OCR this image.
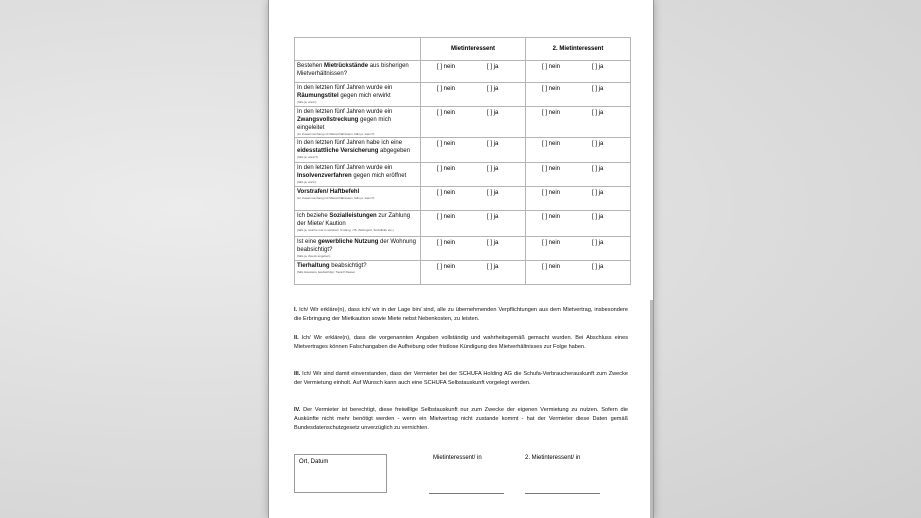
	Mietinteressent	2. Mietinteressent
Bestehen Mietrückstände aus bisherigen Mietverhältnissen?	[ ] nein [ ] ja	[ ] nein [ ] ja
In den letzten fünf Jahren wurde ein Räumungstitel gegen mich erwirkt
(falls ja, wann)	[ ] nein [ ] ja	[ ] nein [ ] ja
In den letzten fünf Jahren wurde ein Zwangsvollstreckung gegen mich eingeleitet
(im Zusammenhang mit Mietverhältnissen, falls ja, wann?)	[ ] nein [ ] ja	[ ] nein [ ] ja
In den letzten fünf Jahren habe ich eine eidesstattliche Versicherung abgegeben
(falls ja, wann?)	[ ] nein [ ] ja	[ ] nein [ ] ja
In den letzten fünf Jahren wurde ein Insolvenzverfahren gegen mich eröffnet
(falls ja, wann)	[ ] nein [ ] ja	[ ] nein [ ] ja
Vorstrafen/ Haftbefehl
(im Zusammenhang mit Mietverhältnissen, falls ja, wann?)	[ ] nein [ ] ja	[ ] nein [ ] ja
Ich beziehe Sozialleistungen zur Zahlung der Miete/ Kaution
(falls ja, welche und in welchem Umfang, z.B. Wohngeld, Sozialhilfe etc.)	[ ] nein [ ] ja	[ ] nein [ ] ja
Ist eine gewerbliche Nutzung der Wohnung beabsichtigt?
(falls ja, Zweck angeben)	[ ] nein [ ] ja	[ ] nein [ ] ja
Tierhaltung beabsichtigt?
(falls Haustiere beabsichtigt: Tierart/ Rasse)	[ ] nein [ ] ja	[ ] nein [ ] ja

I. Ich/ Wir erkläre(n), dass ich/ wir in der Lage bin/ sind, alle zu übernehmenden Verpflichtungen aus dem Mietvertrag, insbesondere die Erbringung der Mietkaution sowie Miete nebst Nebenkosten, zu leisten.

II. Ich/ Wir erkläre(n), dass die vorgenannten Angaben vollständig und wahrheitsgemäß gemacht wurden. Bei Abschluss eines Mietvertrages können Falschangaben die Aufhebung oder fristlose Kündigung des Mietverhältnisses zur Folge haben.

III. Ich/ Wir sind damit einverstanden, dass der Vermieter bei der SCHUFA Holding AG die Schufa-Verbraucherauskunft zum Zwecke der Vermietung einholt. Auf Wunsch kann auch eine SCHUFA Selbstauskunft vorgelegt werden.

IV. Der Vermieter ist berechtigt, diese freiwillige Selbstauskunft nur zum Zwecke der eigenen Vermietung zu nutzen. Sofern die Auskünfte nicht mehr benötigt werden - wenn ein Mietvertrag nicht zustande kommt - hat der Vermieter diese Daten gemäß Bundesdatenschutzgesetz unverzüglich zu vernichten.

Ort, Datum
Mietinteressent/ in	2. Mietinteressent/ in
